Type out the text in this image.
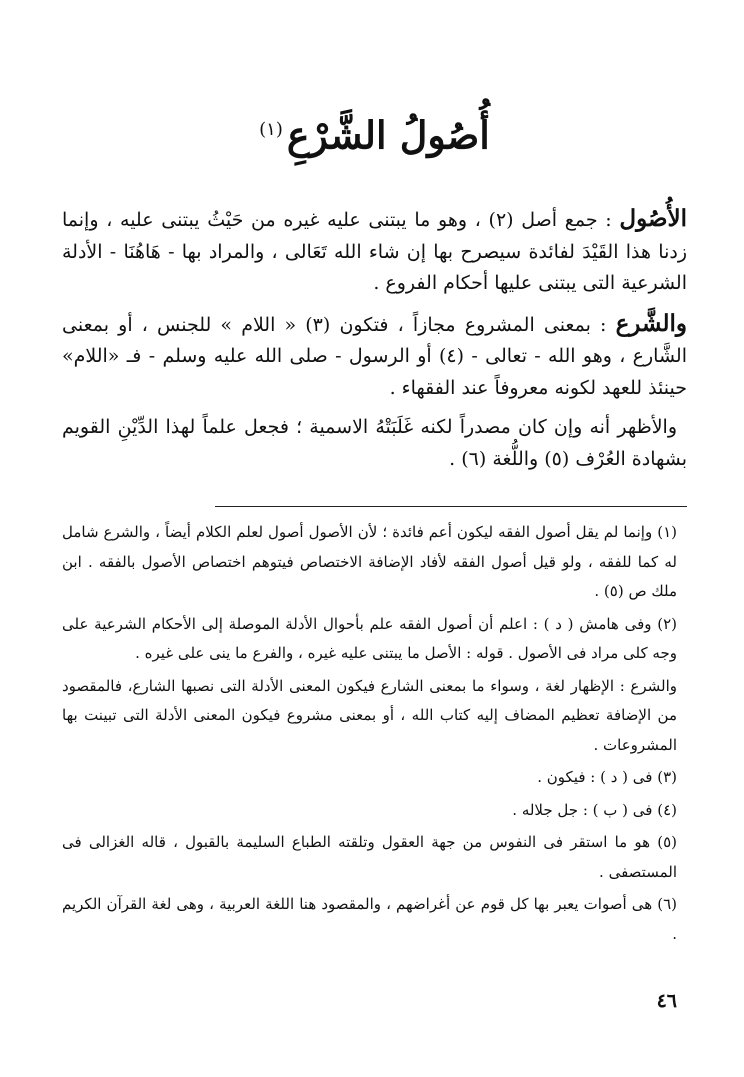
أُصُولُ الشَّرْعِ$^{(١)}$

الأُصُول : جمع أصل (٢) ، وهو ما يبتنى عليه غيره من حَيْثُ يبتنى عليه ، وإنما زدنا هذا القَيْدَ لفائدة سيصرح بها إن شاء الله تَعَالى ، والمراد بها - هَاهُنَا - الأدلة الشرعية التى يبتنى عليها أحكام الفروع .

والشَّرع : بمعنى المشروع مجازاً ، فتكون (٣) « اللام » للجنس ، أو بمعنى الشَّارع ، وهو الله - تعالى - (٤) أو الرسول - صلى الله عليه وسلم - فـ «اللام» حينئذ للعهد لكونه معروفاً عند الفقهاء .

والأظهر أنه وإن كان مصدراً لكنه غَلَبَتْهُ الاسمية ؛ فجعل علماً لهذا الدِّيْنِ القويم بشهادة العُرْف (٥) واللُّغة (٦) .

(١) وإنما لم يقل أصول الفقه ليكون أعم فائدة ؛ لأن الأصول أصول لعلم الكلام أيضاً ، والشرع شامل له كما للفقه ، ولو قيل أصول الفقه لأفاد الإضافة الاختصاص فيتوهم اختصاص الأصول بالفقه . ابن ملك ص (٥) .

(٢) وفى هامش ( د ) : اعلم أن أصول الفقه علم بأحوال الأدلة الموصلة إلى الأحكام الشرعية على وجه كلى مراد فى الأصول . قوله : الأصل ما يبتنى عليه غيره ، والفرع ما ينى على غيره .

والشرع : الإظهار لغة ، وسواء ما بمعنى الشارع فيكون المعنى الأدلة التى نصبها الشارع، فالمقصود من الإضافة تعظيم المضاف إليه كتاب الله ، أو بمعنى مشروع فيكون المعنى الأدلة التى تبينت بها المشروعات .

(٣) فى ( د ) : فيكون .

(٤) فى ( ب ) : جل جلاله .

(٥) هو ما استقر فى النفوس من جهة العقول وتلقته الطباع السليمة بالقبول ، قاله الغزالى فى المستصفى .

(٦) هى أصوات يعبر بها كل قوم عن أغراضهم ، والمقصود هنا اللغة العربية ، وهى لغة القرآن الكريم .

٤٦
